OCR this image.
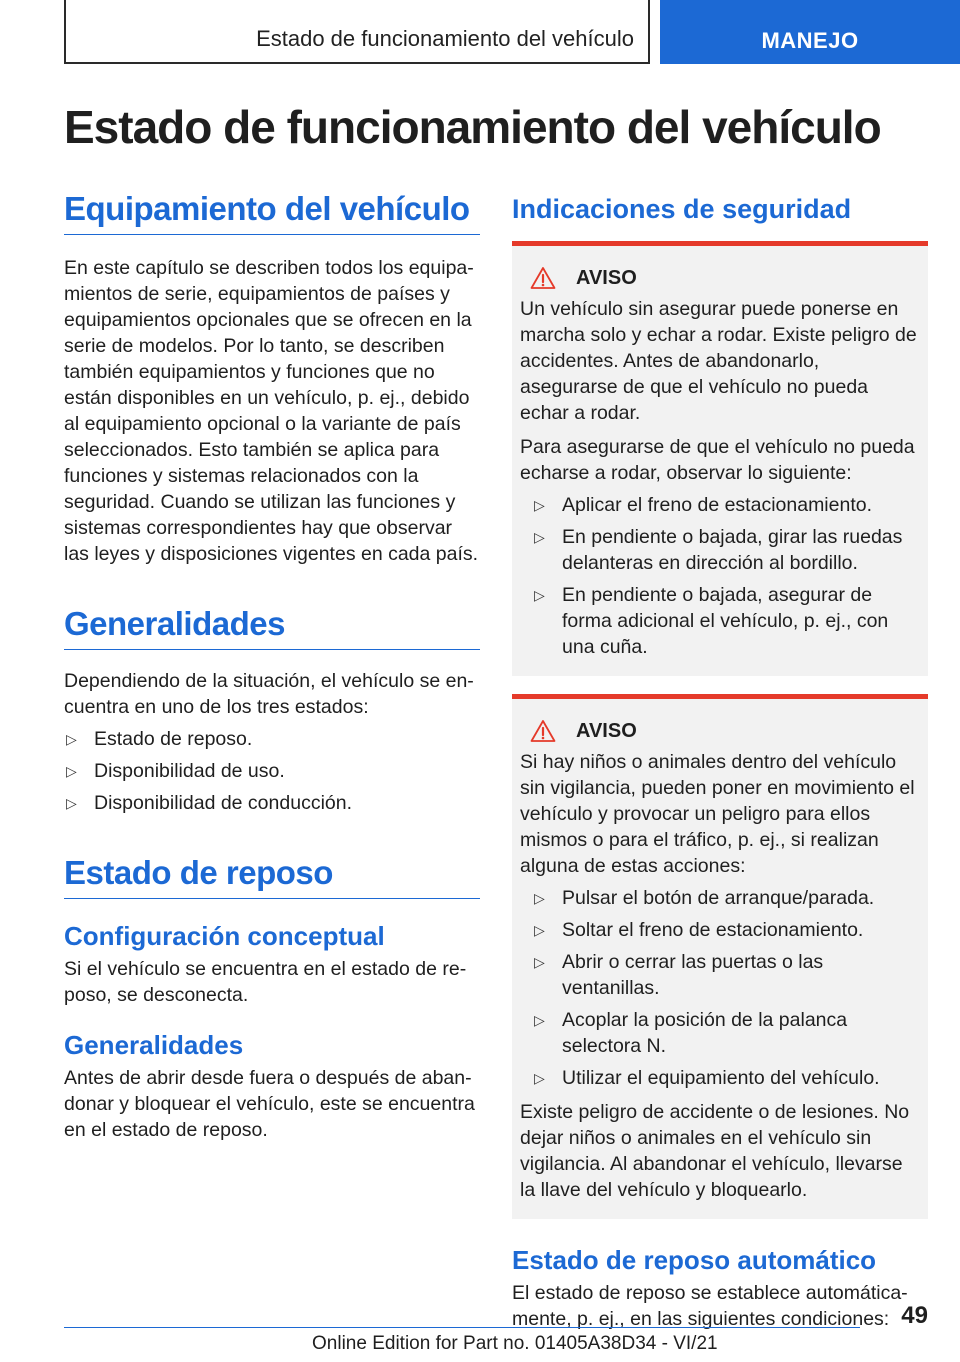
Estado de funcionamiento del vehículo	MANEJO
Estado de funcionamiento del vehículo
Equipamiento del vehículo

En este capítulo se describen todos los equipamientos de serie, equipamientos de países y equipamientos opcionales que se ofrecen en la serie de modelos. Por lo tanto, se describen también equipamientos y funciones que no están disponibles en un vehículo, p. ej., debido al equipamiento opcional o la variante de país seleccionados. Esto también se aplica para funciones y sistemas relacionados con la seguridad. Cuando se utilizan las funciones y sistemas correspondientes hay que observar las leyes y disposiciones vigentes en cada país.

Generalidades

Dependiendo de la situación, el vehículo se encuentra en uno de los tres estados:

▷ Estado de reposo.
▷ Disponibilidad de uso.
▷ Disponibilidad de conducción.
Estado de reposo
Configuración conceptual

Si el vehículo se encuentra en el estado de reposo, se desconecta.

Generalidades

Antes de abrir desde fuera o después de abandonar y bloquear el vehículo, este se encuentra en el estado de reposo.

Indicaciones de seguridad
AVISO

Un vehículo sin asegurar puede ponerse en marcha solo y echar a rodar. Existe peligro de accidentes. Antes de abandonarlo, asegurarse de que el vehículo no pueda echar a rodar.

Para asegurarse de que el vehículo no pueda echarse a rodar, observar lo siguiente:

▷ Aplicar el freno de estacionamiento.
▷ En pendiente o bajada, girar las ruedas delanteras en dirección al bordillo.
▷ En pendiente o bajada, asegurar de forma adicional el vehículo, p. ej., con una cuña.
AVISO

Si hay niños o animales dentro del vehículo sin vigilancia, pueden poner en movimiento el vehículo y provocar un peligro para ellos mismos o para el tráfico, p. ej., si realizan alguna de estas acciones:

▷ Pulsar el botón de arranque/parada.
▷ Soltar el freno de estacionamiento.
▷ Abrir o cerrar las puertas o las ventanillas.
▷ Acoplar la posición de la palanca selectora N.
▷ Utilizar el equipamiento del vehículo.

Existe peligro de accidente o de lesiones. No dejar niños o animales en el vehículo sin vigilancia. Al abandonar el vehículo, llevarse la llave del vehículo y bloquearlo.

Estado de reposo automático

El estado de reposo se establece automáticamente, p. ej., en las siguientes condiciones: 49
Online Edition for Part no. 01405A38D34 - VI/21
